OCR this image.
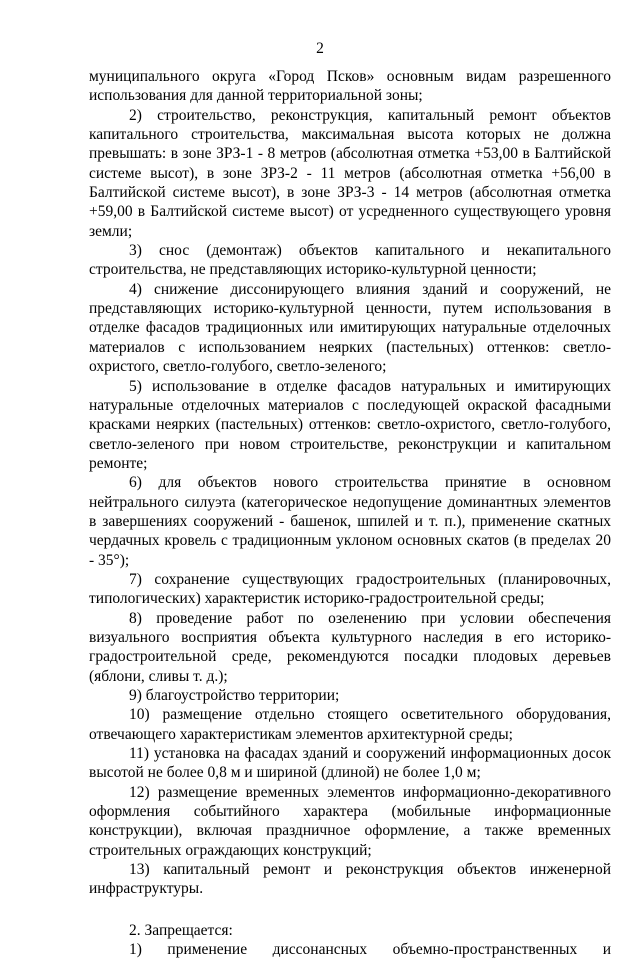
2

муниципального округа «Город Псков» основным видам разрешенного использования для данной территориальной зоны;

2) строительство, реконструкция, капитальный ремонт объектов капитального строительства, максимальная высота которых не должна превышать: в зоне ЗРЗ-1 - 8 метров (абсолютная отметка +53,00 в Балтийской системе высот), в зоне ЗРЗ-2 - 11 метров (абсолютная отметка +56,00 в Балтийской системе высот), в зоне ЗРЗ-3 - 14 метров (абсолютная отметка +59,00 в Балтийской системе высот) от усредненного существующего уровня земли;

3) снос (демонтаж) объектов капитального и некапитального строительства, не представляющих историко-культурной ценности;

4) снижение диссонирующего влияния зданий и сооружений, не представляющих историко-культурной ценности, путем использования в отделке фасадов традиционных или имитирующих натуральные отделочных материалов с использованием неярких (пастельных) оттенков: светло-охристого, светло-голубого, светло-зеленого;

5) использование в отделке фасадов натуральных и имитирующих натуральные отделочных материалов с последующей окраской фасадными красками неярких (пастельных) оттенков: светло-охристого, светло-голубого, светло-зеленого при новом строительстве, реконструкции и капитальном ремонте;

6) для объектов нового строительства принятие в основном нейтрального силуэта (категорическое недопущение доминантных элементов в завершениях сооружений - башенок, шпилей и т. п.), применение скатных чердачных кровель с традиционным уклоном основных скатов (в пределах 20 - 35°);

7) сохранение существующих градостроительных (планировочных, типологических) характеристик историко-градостроительной среды;

8) проведение работ по озеленению при условии обеспечения визуального восприятия объекта культурного наследия в его историко-градостроительной среде, рекомендуются посадки плодовых деревьев (яблони, сливы т. д.);

9) благоустройство территории;

10) размещение отдельно стоящего осветительного оборудования, отвечающего характеристикам элементов архитектурной среды;

11) установка на фасадах зданий и сооружений информационных досок высотой не более 0,8 м и шириной (длиной) не более 1,0 м;

12) размещение временных элементов информационно-декоративного оформления событийного характера (мобильные информационные конструкции), включая праздничное оформление, а также временных строительных ограждающих конструкций;

13) капитальный ремонт и реконструкция объектов инженерной инфраструктуры.

2. Запрещается:

1) применение диссонансных объемно-пространственных и
